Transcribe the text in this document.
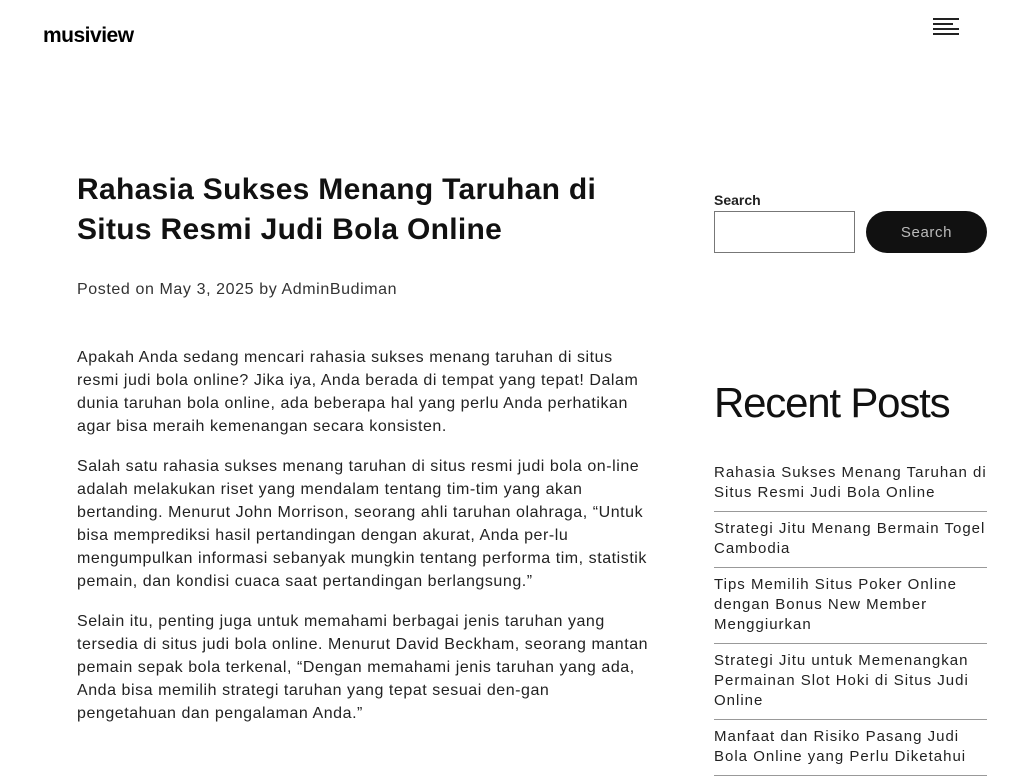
musiview
Rahasia Sukses Menang Taruhan di Situs Resmi Judi Bola Online
Posted on May 3, 2025 by AdminBudiman

Apakah Anda sedang mencari rahasia sukses menang taruhan di situs resmi judi bola online? Jika iya, Anda berada di tempat yang tepat! Dalam dunia taruhan bola online, ada beberapa hal yang perlu Anda perhatikan agar bisa meraih kemenangan secara konsisten.

Salah satu rahasia sukses menang taruhan di situs resmi judi bola on-line adalah melakukan riset yang mendalam tentang tim-tim yang akan bertanding. Menurut John Morrison, seorang ahli taruhan olahraga, “Untuk bisa memprediksi hasil pertandingan dengan akurat, Anda per-lu mengumpulkan informasi sebanyak mungkin tentang performa tim, statistik pemain, dan kondisi cuaca saat pertandingan berlangsung.”

Selain itu, penting juga untuk memahami berbagai jenis taruhan yang tersedia di situs judi bola online. Menurut David Beckham, seorang mantan pemain sepak bola terkenal, “Dengan memahami jenis taruhan yang ada, Anda bisa memilih strategi taruhan yang tepat sesuai den-gan pengetahuan dan pengalaman Anda.”

Search
Search
Recent Posts
Rahasia Sukses Menang Taruhan di Situs Resmi Judi Bola Online
Strategi Jitu Menang Bermain Togel Cambodia
Tips Memilih Situs Poker Online dengan Bonus New Member Menggiurkan
Strategi Jitu untuk Memenangkan Permainan Slot Hoki di Situs Judi Online
Manfaat dan Risiko Pasang Judi Bola Online yang Perlu Diketahui
